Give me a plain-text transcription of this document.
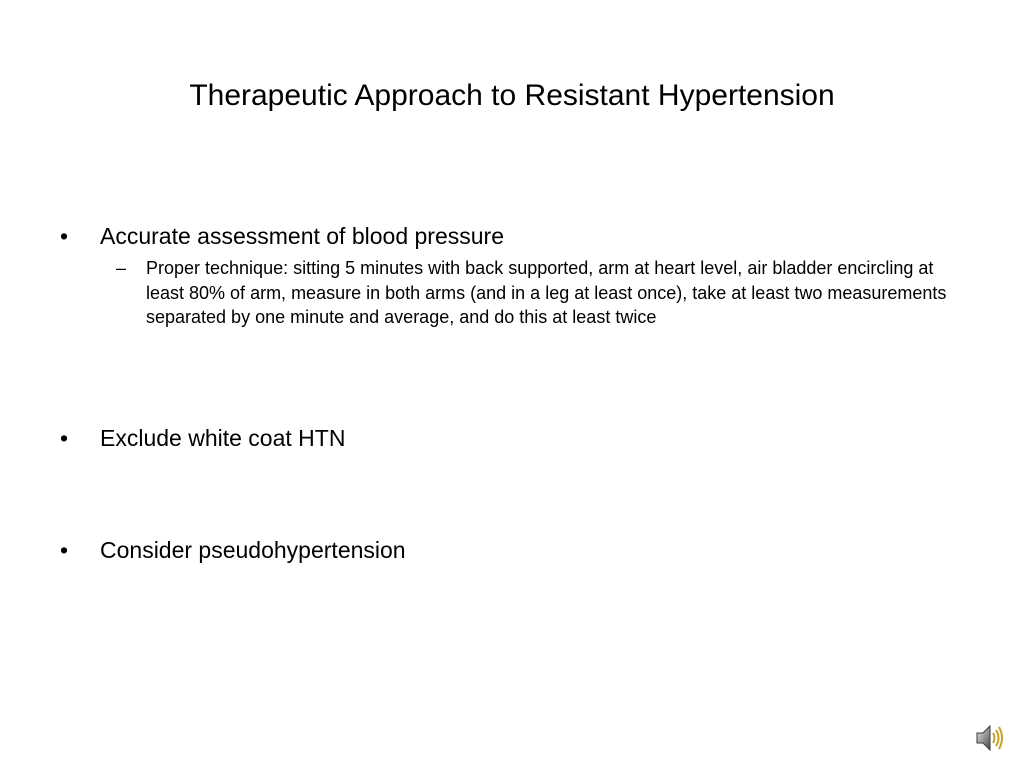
Therapeutic Approach to Resistant Hypertension
•	Accurate assessment of blood pressure
– Proper technique: sitting 5 minutes with back supported, arm at heart level, air bladder encircling at least 80% of arm, measure in both arms (and in a leg at least once), take at least two measurements separated by one minute and average, and do this at least twice
•	Exclude white coat HTN
•	Consider pseudohypertension
